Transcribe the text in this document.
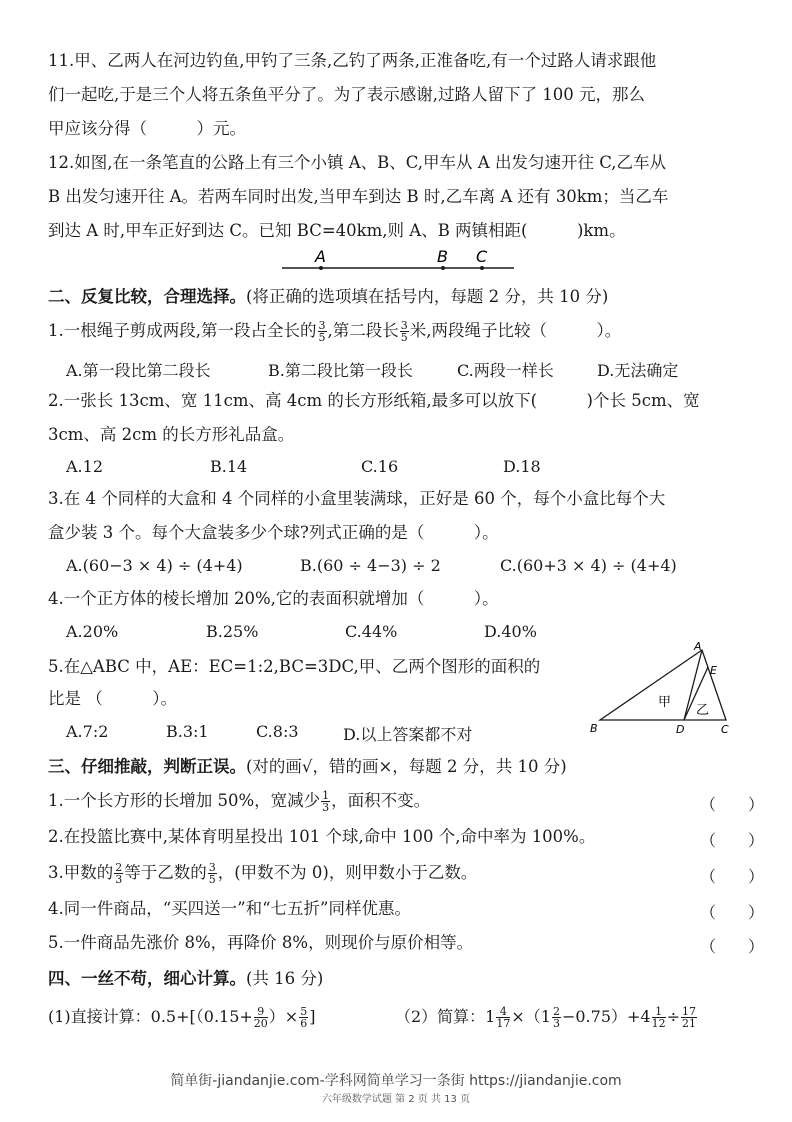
11.甲、乙两人在河边钓鱼,甲钓了三条,乙钓了两条,正准备吃,有一个过路人请求跟他
们一起吃,于是三个人将五条鱼平分了。为了表示感谢,过路人留下了 100 元，那么
甲应该分得（　　　）元。
12.如图,在一条笔直的公路上有三个小镇 A、B、C,甲车从 A 出发匀速开往 C,乙车从
B 出发匀速开往 A。若两车同时出发,当甲车到达 B 时,乙车离 A 还有 30km；当乙车
到达 A 时,甲车正好到达 C。已知 BC=40km,则 A、B 两镇相距(　　　)km。
A	B C
二、反复比较，合理选择。(将正确的选项填在括号内，每题 2 分，共 10 分)
1.一根绳子剪成两段,第一段占全长的 $\frac{3}{5}$ ,第二段长 $\frac{3}{5}$ 米,两段绳子比较（　　　）。
A.第一段比第二段长	B.第二段比第一段长	C.两段一样长	D.无法确定
2.一张长 13cm、宽 11cm、高 4cm 的长方形纸箱,最多可以放下(　　　)个长 5cm、宽
3cm、高 2cm 的长方形礼品盒。
A.12	B.14	C.16	D.18
3.在 4 个同样的大盒和 4 个同样的小盒里装满球，正好是 60 个，每个小盒比每个大
盒少装 3 个。每个大盒装多少个球?列式正确的是（　　　）。
A.(60−3 × 4) ÷ (4+4)	B.(60 ÷ 4−3) ÷ 2	C.(60+3 × 4) ÷ (4+4)
4.一个正方体的棱长增加 20%,它的表面积就增加（　　　）。
A.20%	B.25%	C.44%	D.40%
5.在△ABC 中，AE：EC=1:2,BC=3DC,甲、乙两个图形的面积的
比是 （　　　）。
A.7:2	B.3:1	C.8:3	D.以上答案都不对
A
E
B	D	C
甲
乙
三、仔细推敲，判断正误。(对的画√，错的画×，每题 2 分，共 10 分)
1.一个长方形的长增加 50%，宽减少 $\frac{1}{3}$ ，面积不变。	（　　）
2.在投篮比赛中,某体育明星投出 101 个球,命中 100 个,命中率为 100%。	（　　）
3.甲数的 $\frac{2}{3}$ 等于乙数的 $\frac{3}{5}$ ，(甲数不为 0)，则甲数小于乙数。	（　　）
4.同一件商品，“买四送一”和“七五折”同样优惠。	（　　）
5.一件商品先涨价 8%，再降价 8%，则现价与原价相等。	（　　）
四、一丝不苟，细心计算。(共 16 分)
(1)直接计算：$0.5+[(0.15+ \frac{9}{20}$ ）× $\frac{5}{6}$ ]	（2）简算：$1 \frac{4}{17} \times(1 \frac{2}{3} -0.75)+4 \frac{1}{12} \div \frac{17}{21}$
简单街-jiandanjie.com-学科网简单学习一条街 https://jiandanjie.com
六年级数学试题 第 2 页 共 13 页
